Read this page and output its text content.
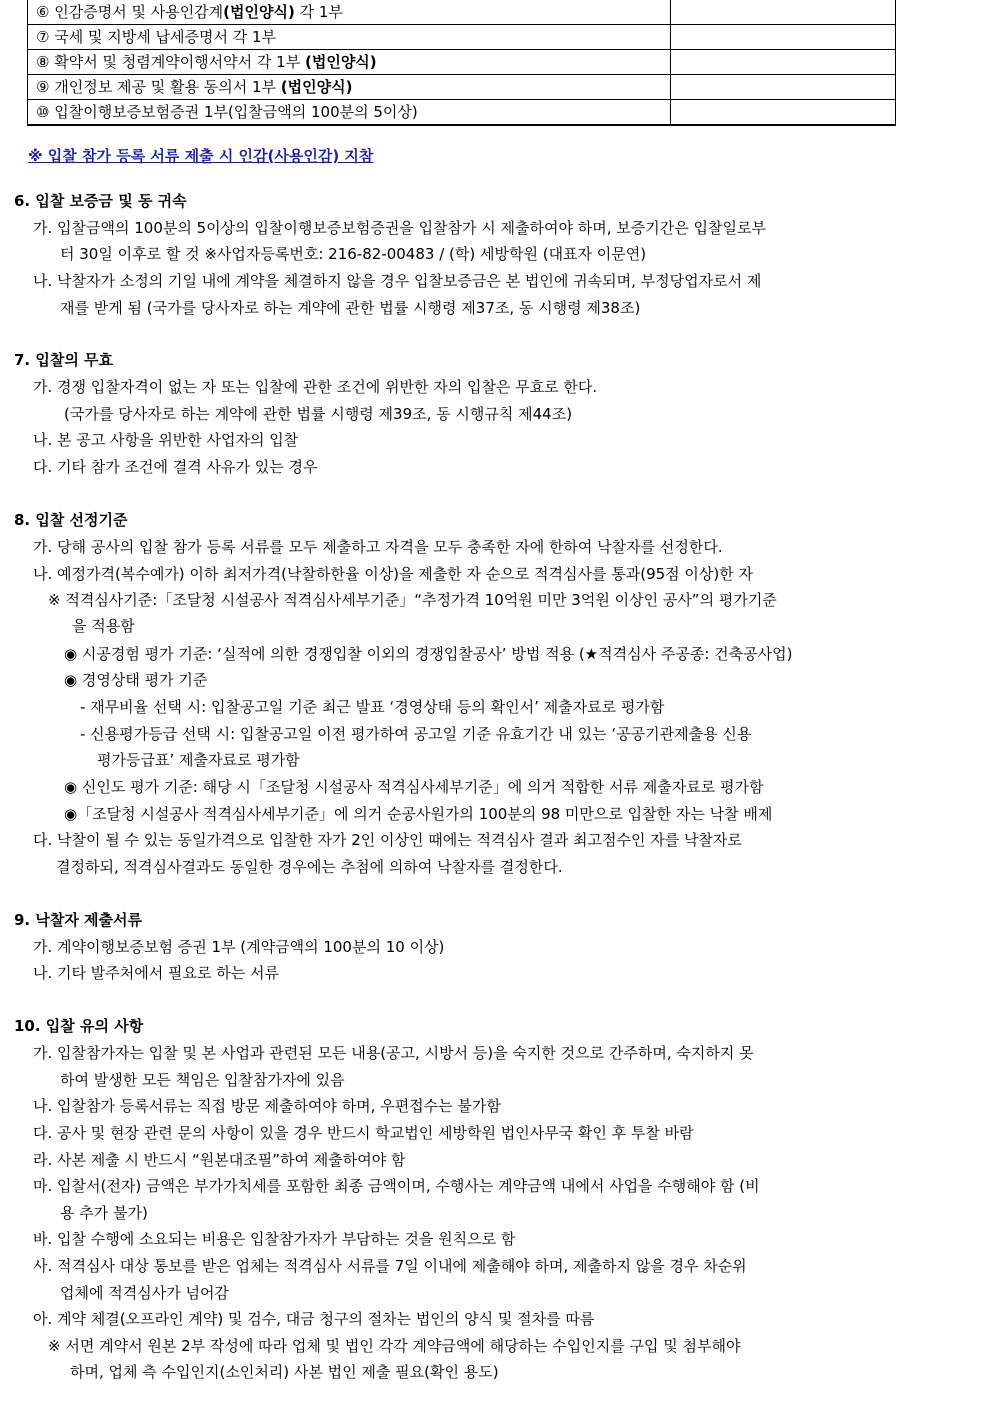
⑥ 인감증명서 및 사용인감계(법인양식) 각 1부	
⑦ 국세 및 지방세 납세증명서 각 1부	
⑧ 확약서 및 청렴계약이행서약서 각 1부 (법인양식)	
⑨ 개인정보 제공 및 활용 동의서 1부 (법인양식)	
⑩ 입찰이행보증보험증권 1부(입찰금액의 100분의 5이상)	
※ 입찰 참가 등록 서류 제출 시 인감(사용인감) 지참
6. 입찰 보증금 및 동 귀속
가. 입찰금액의 100분의 5이상의 입찰이행보증보험증권을 입찰참가 시 제출하여야 하며, 보증기간은 입찰일로부
터 30일 이후로 할 것 ※사업자등록번호: 216-82-00483 / (학) 세방학원 (대표자 이문연)
나. 낙찰자가 소정의 기일 내에 계약을 체결하지 않을 경우 입찰보증금은 본 법인에 귀속되며, 부정당업자로서 제
재를 받게 됨 (국가를 당사자로 하는 계약에 관한 법률 시행령 제37조, 동 시행령 제38조)
7. 입찰의 무효
가. 경쟁 입찰자격이 없는 자 또는 입찰에 관한 조건에 위반한 자의 입찰은 무효로 한다.
(국가를 당사자로 하는 계약에 관한 법률 시행령 제39조, 동 시행규칙 제44조)
나. 본 공고 사항을 위반한 사업자의 입찰
다. 기타 참가 조건에 결격 사유가 있는 경우
8. 입찰 선정기준
가. 당해 공사의 입찰 참가 등록 서류를 모두 제출하고 자격을 모두 충족한 자에 한하여 낙찰자를 선정한다.
나. 예정가격(복수예가) 이하 최저가격(낙찰하한율 이상)을 제출한 자 순으로 적격심사를 통과(95점 이상)한 자
※ 적격심사기준:「조달청 시설공사 적격심사세부기준」“추정가격 10억원 미만 3억원 이상인 공사”의 평가기준
을 적용함
◉ 시공경험 평가 기준: ‘실적에 의한 경쟁입찰 이외의 경쟁입찰공사’ 방법 적용 (★적격심사 주공종: 건축공사업)
◉ 경영상태 평가 기준
- 재무비율 선택 시: 입찰공고일 기준 최근 발표 ‘경영상태 등의 확인서’ 제출자료로 평가함
- 신용평가등급 선택 시: 입찰공고일 이전 평가하여 공고일 기준 유효기간 내 있는 ‘공공기관제출용 신용
평가등급표’ 제출자료로 평가함
◉ 신인도 평가 기준: 해당 시「조달청 시설공사 적격심사세부기준」에 의거 적합한 서류 제출자료로 평가함
◉「조달청 시설공사 적격심사세부기준」에 의거 순공사원가의 100분의 98 미만으로 입찰한 자는 낙찰 배제
다. 낙찰이 될 수 있는 동일가격으로 입찰한 자가 2인 이상인 때에는 적격심사 결과 최고점수인 자를 낙찰자로
결정하되, 적격심사결과도 동일한 경우에는 추첨에 의하여 낙찰자를 결정한다.
9. 낙찰자 제출서류
가. 계약이행보증보험 증권 1부 (계약금액의 100분의 10 이상)
나. 기타 발주처에서 필요로 하는 서류
10. 입찰 유의 사항
가. 입찰참가자는 입찰 및 본 사업과 관련된 모든 내용(공고, 시방서 등)을 숙지한 것으로 간주하며, 숙지하지 못
하여 발생한 모든 책임은 입찰참가자에 있음
나. 입찰참가 등록서류는 직접 방문 제출하여야 하며, 우편접수는 불가함
다. 공사 및 현장 관련 문의 사항이 있을 경우 반드시 학교법인 세방학원 법인사무국 확인 후 투찰 바람
라. 사본 제출 시 반드시 “원본대조필”하여 제출하여야 함
마. 입찰서(전자) 금액은 부가가치세를 포함한 최종 금액이며, 수행사는 계약금액 내에서 사업을 수행해야 함 (비
용 추가 불가)
바. 입찰 수행에 소요되는 비용은 입찰참가자가 부담하는 것을 원칙으로 함
사. 적격심사 대상 통보를 받은 업체는 적격심사 서류를 7일 이내에 제출해야 하며, 제출하지 않을 경우 차순위
업체에 적격심사가 넘어감
아. 계약 체결(오프라인 계약) 및 검수, 대금 청구의 절차는 법인의 양식 및 절차를 따름
※ 서면 계약서 원본 2부 작성에 따라 업체 및 법인 각각 계약금액에 해당하는 수입인지를 구입 및 첨부해야
하며, 업체 측 수입인지(소인처리) 사본 법인 제출 필요(확인 용도)
